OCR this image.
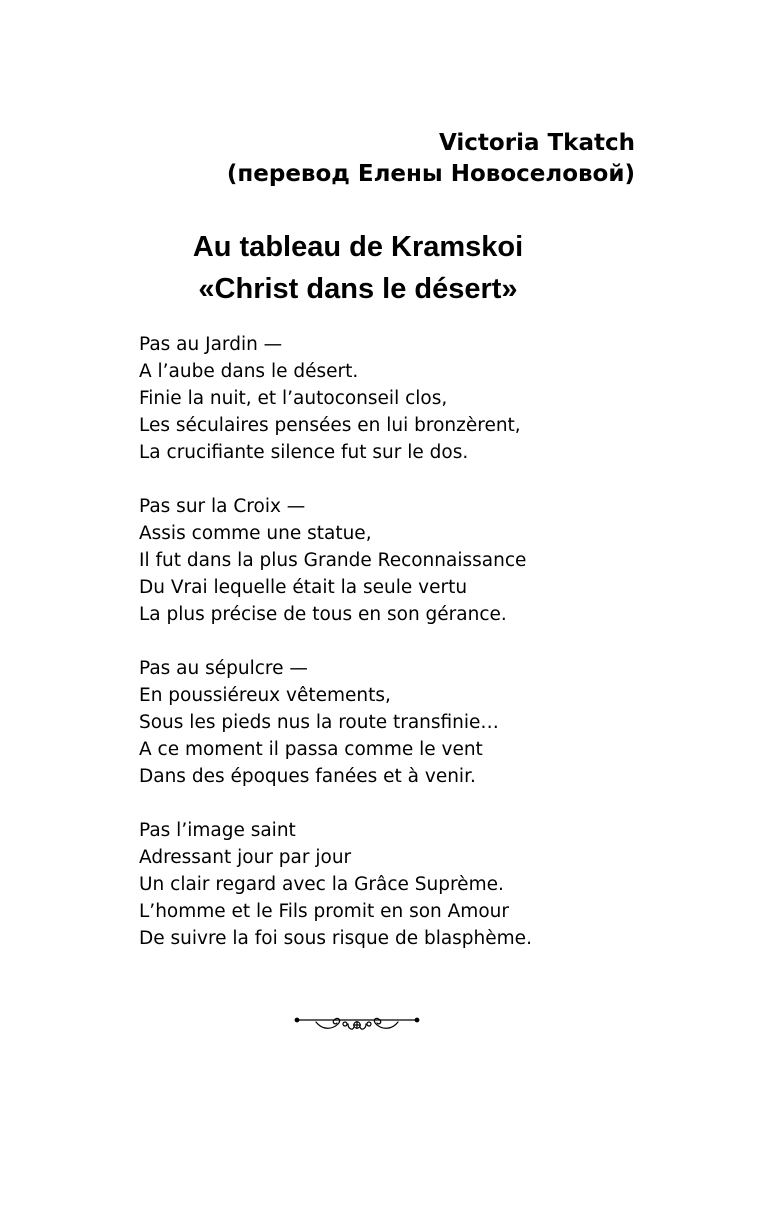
Victoria Tkatch
(перевод Елены Новоселовой)
Au tableau de Kramskoi
«Christ dans le désert»
Pas au Jardin —
A l’aube dans le désert.
Finie la nuit, et l’autoconseil clos,
Les séculaires pensées en lui bronzèrent,
La crucifiante silence fut sur le dos.
Pas sur la Croix —
Assis comme une statue,
Il fut dans la plus Grande Reconnaissance
Du Vrai lequelle était la seule vertu
La plus précise de tous en son gérance.
Pas au sépulcre —
En poussiéreux vêtements,
Sous les pieds nus la route transfinie…
A ce moment il passa comme le vent
Dans des époques fanées et à venir.
Pas l’image saint
Adressant jour par jour
Un clair regard avec la Grâce Suprème.
L’homme et le Fils promit en son Amour
De suivre la foi sous risque de blasphème.
